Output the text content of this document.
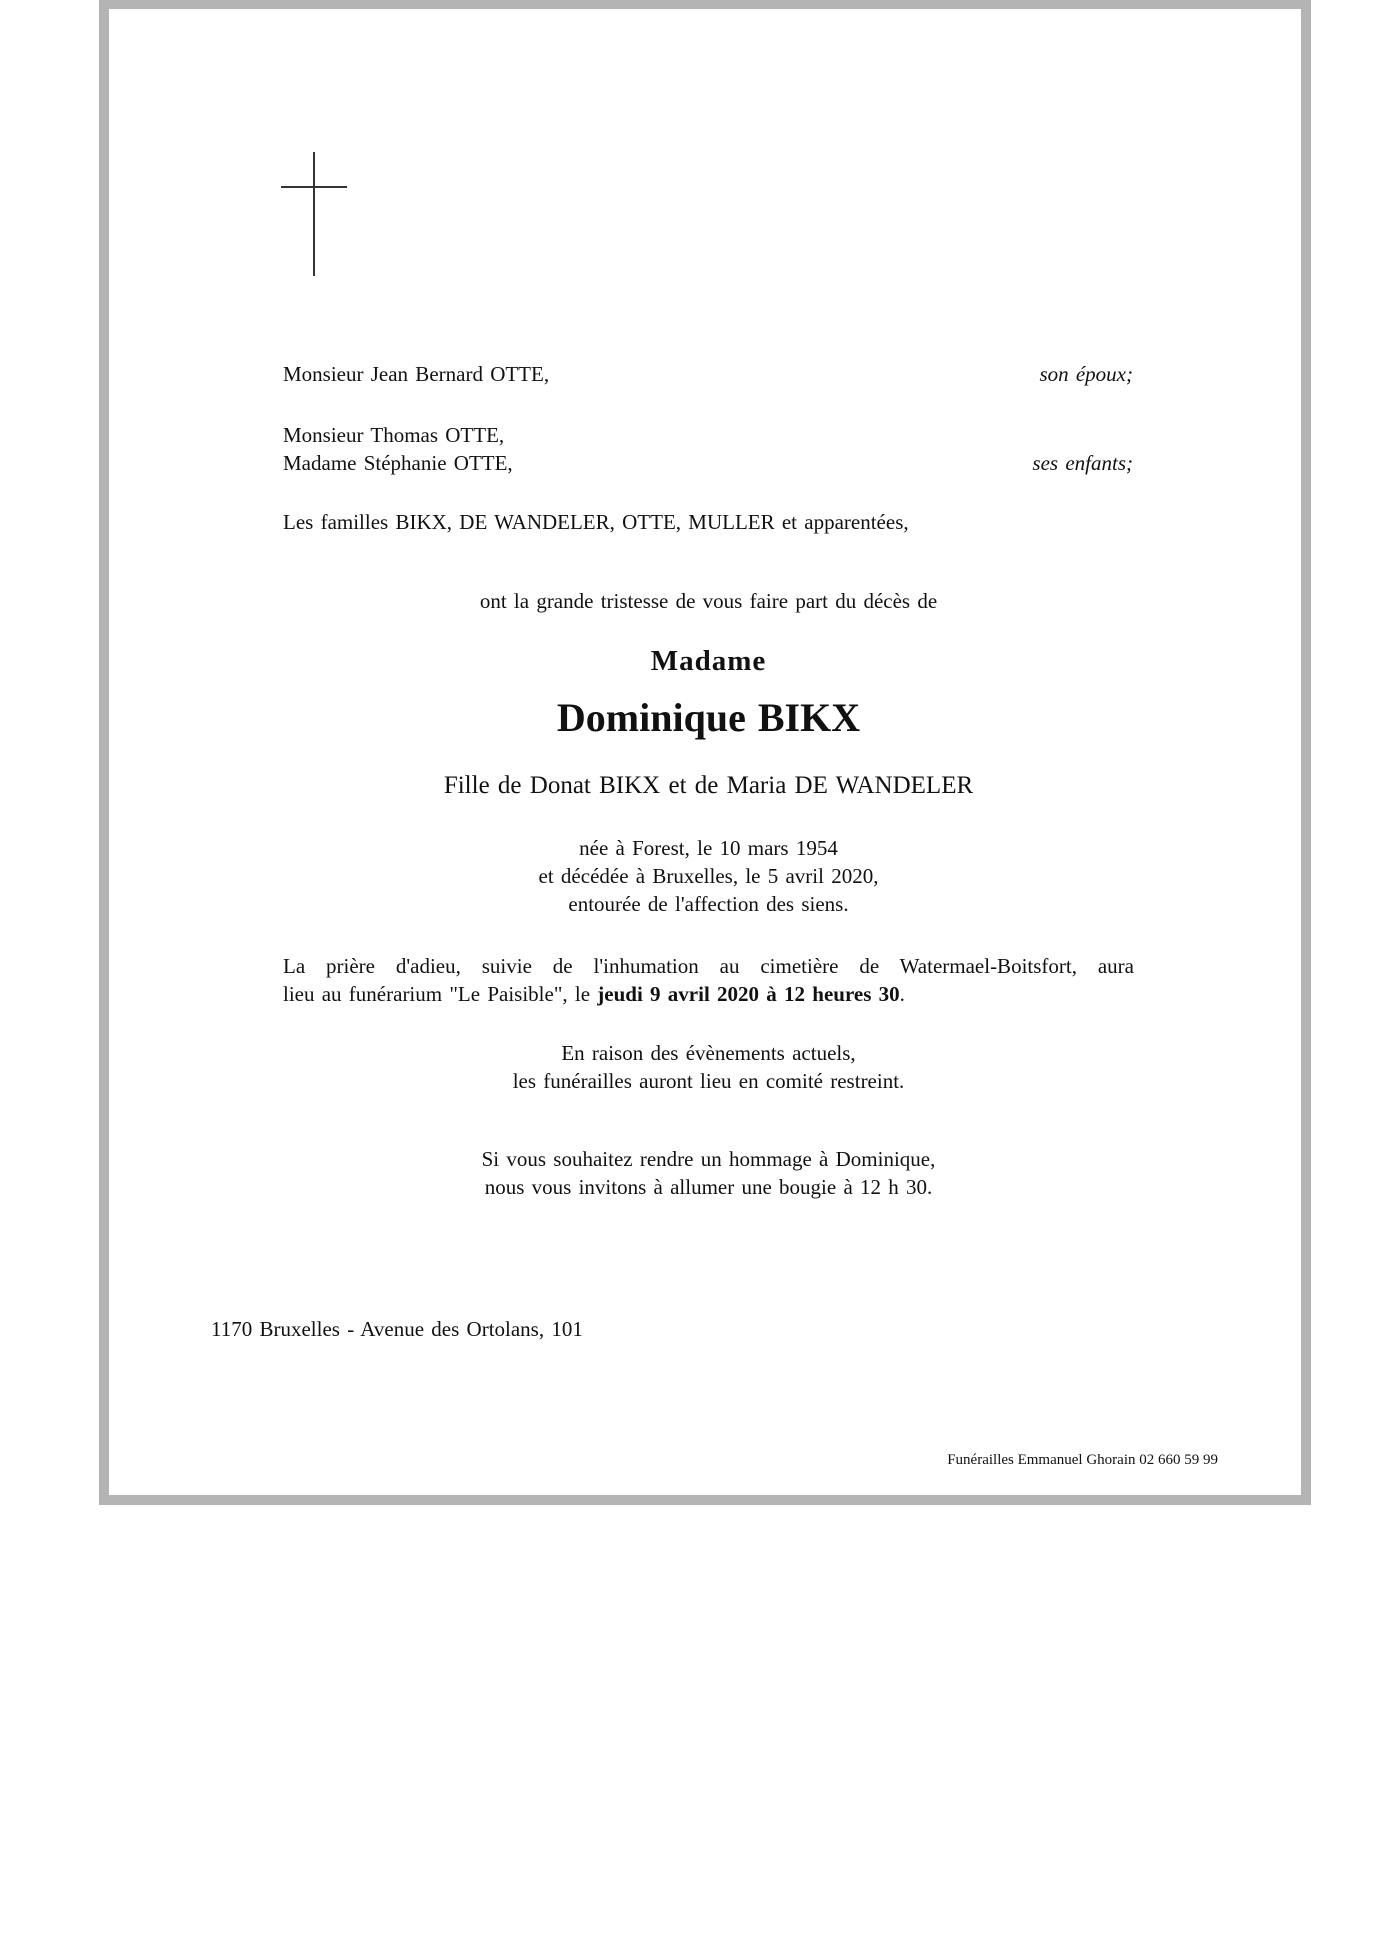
Monsieur Jean Bernard OTTE,	son époux;
Monsieur Thomas OTTE,
Madame Stéphanie OTTE,	ses enfants;
Les familles BIKX, DE WANDELER, OTTE, MULLER et apparentées,
ont la grande tristesse de vous faire part du décès de
Madame
Dominique BIKX
Fille de Donat BIKX et de Maria DE WANDELER
née à Forest, le 10 mars 1954
et décédée à Bruxelles, le 5 avril 2020,
entourée de l'affection des siens.
La prière d'adieu, suivie de l'inhumation au cimetière de Watermael-Boitsfort, aura
lieu au funérarium "Le Paisible", le jeudi 9 avril 2020 à 12 heures 30.
En raison des évènements actuels,
les funérailles auront lieu en comité restreint.
Si vous souhaitez rendre un hommage à Dominique,
nous vous invitons à allumer une bougie à 12 h 30.
1170 Bruxelles - Avenue des Ortolans, 101
Funérailles Emmanuel Ghorain 02 660 59 99
